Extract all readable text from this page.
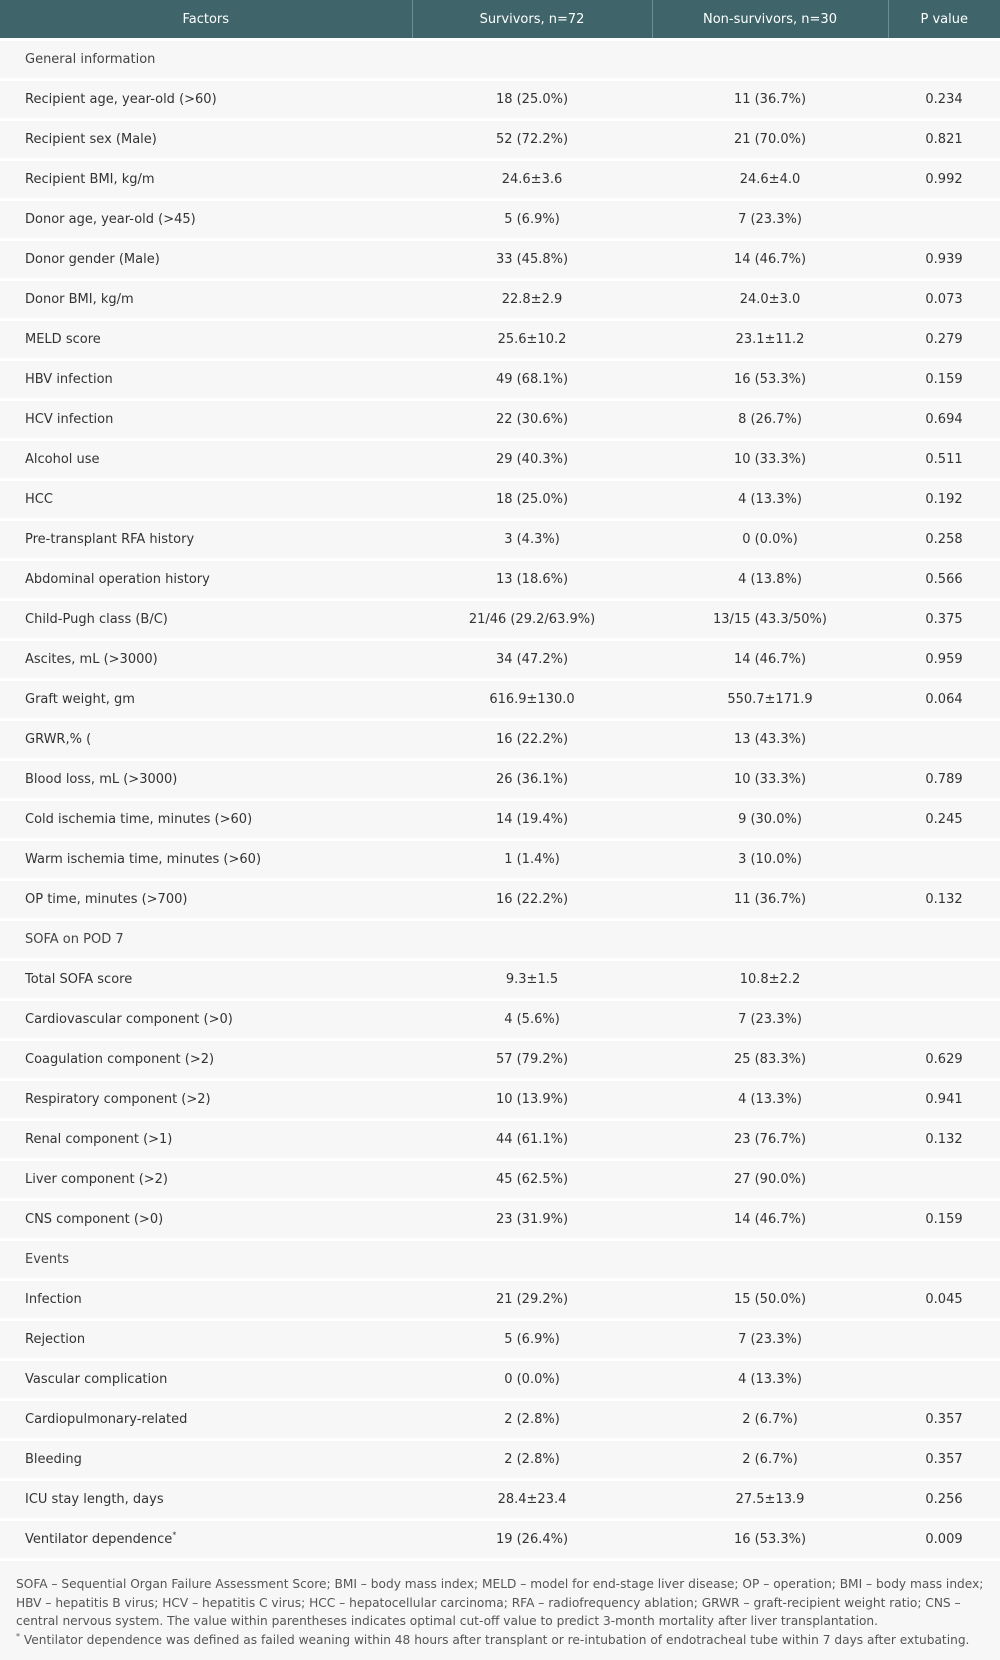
Factors	Survivors, n=72	Non-survivors, n=30	P value
General information			
Recipient age, year-old (>60)	18 (25.0%)	11 (36.7%)	0.234
Recipient sex (Male)	52 (72.2%)	21 (70.0%)	0.821
Recipient BMI, kg/m	24.6±3.6	24.6±4.0	0.992
Donor age, year-old (>45)	5 (6.9%)	7 (23.3%)	
Donor gender (Male)	33 (45.8%)	14 (46.7%)	0.939
Donor BMI, kg/m	22.8±2.9	24.0±3.0	0.073
MELD score	25.6±10.2	23.1±11.2	0.279
HBV infection	49 (68.1%)	16 (53.3%)	0.159
HCV infection	22 (30.6%)	8 (26.7%)	0.694
Alcohol use	29 (40.3%)	10 (33.3%)	0.511
HCC	18 (25.0%)	4 (13.3%)	0.192
Pre-transplant RFA history	3 (4.3%)	0 (0.0%)	0.258
Abdominal operation history	13 (18.6%)	4 (13.8%)	0.566
Child-Pugh class (B/C)	21/46 (29.2/63.9%)	13/15 (43.3/50%)	0.375
Ascites, mL (>3000)	34 (47.2%)	14 (46.7%)	0.959
Graft weight, gm	616.9±130.0	550.7±171.9	0.064
GRWR,% (	16 (22.2%)	13 (43.3%)	
Blood loss, mL (>3000)	26 (36.1%)	10 (33.3%)	0.789
Cold ischemia time, minutes (>60)	14 (19.4%)	9 (30.0%)	0.245
Warm ischemia time, minutes (>60)	1 (1.4%)	3 (10.0%)	
OP time, minutes (>700)	16 (22.2%)	11 (36.7%)	0.132
SOFA on POD 7			
Total SOFA score	9.3±1.5	10.8±2.2	
Cardiovascular component (>0)	4 (5.6%)	7 (23.3%)	
Coagulation component (>2)	57 (79.2%)	25 (83.3%)	0.629
Respiratory component (>2)	10 (13.9%)	4 (13.3%)	0.941
Renal component (>1)	44 (61.1%)	23 (76.7%)	0.132
Liver component (>2)	45 (62.5%)	27 (90.0%)	
CNS component (>0)	23 (31.9%)	14 (46.7%)	0.159
Events			
Infection	21 (29.2%)	15 (50.0%)	0.045
Rejection	5 (6.9%)	7 (23.3%)	
Vascular complication	0 (0.0%)	4 (13.3%)	
Cardiopulmonary-related	2 (2.8%)	2 (6.7%)	0.357
Bleeding	2 (2.8%)	2 (6.7%)	0.357
ICU stay length, days	28.4±23.4	27.5±13.9	0.256
Ventilator dependence*	19 (26.4%)	16 (53.3%)	0.009

SOFA – Sequential Organ Failure Assessment Score; BMI – body mass index; MELD – model for end-stage liver disease; OP – operation; BMI – body mass index; HBV – hepatitis B virus; HCV – hepatitis C virus; HCC – hepatocellular carcinoma; RFA – radiofrequency ablation; GRWR – graft-recipient weight ratio; CNS – central nervous system. The value within parentheses indicates optimal cut-off value to predict 3-month mortality after liver transplantation.

* Ventilator dependence was defined as failed weaning within 48 hours after transplant or re-intubation of endotracheal tube within 7 days after extubating.
